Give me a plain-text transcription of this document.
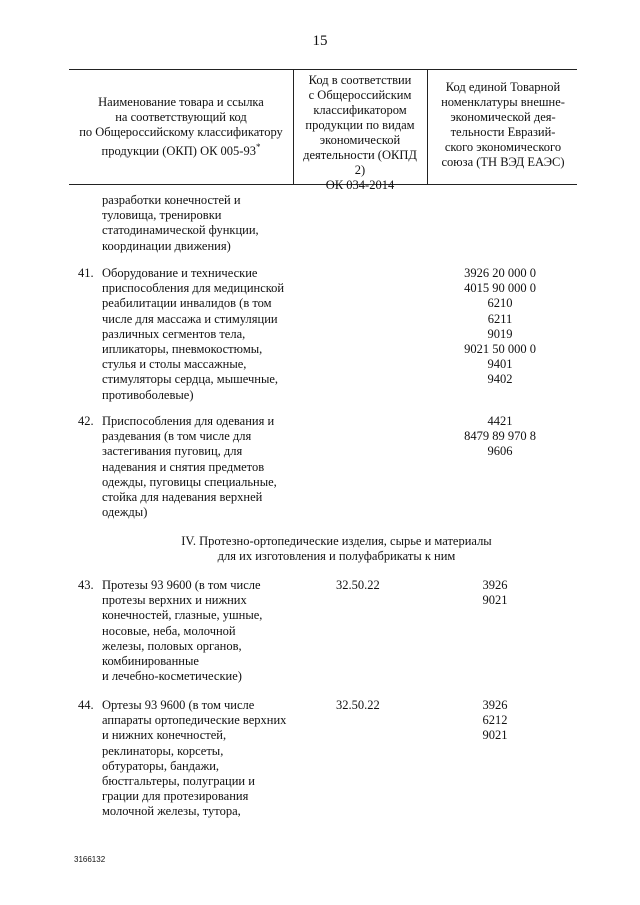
15
Наименование товара и ссылка
на соответствующий код
по Общероссийскому классификатору
продукции (ОКП) ОК 005-93*
Код в соответствии
с Общероссийским
классификатором
продукции по видам
экономической
деятельности (ОКПД 2)
ОК 034-2014
Код единой Товарной
номенклатуры внешне-
экономической дея-
тельности Евразий-
ского экономического
союза (ТН ВЭД ЕАЭС)
разработки конечностей и
туловища, тренировки
статодинамической функции,
координации движения)
41. Оборудование и технические
приспособления для медицинской
реабилитации инвалидов (в том
числе для массажа и стимуляции
различных сегментов тела,
ипликаторы, пневмокостюмы,
стулья и столы массажные,
стимуляторы сердца, мышечные,
противоболевые)
3926 20 000 0
4015 90 000 0
6210
6211
9019
9021 50 000 0
9401
9402
42. Приспособления для одевания и
раздевания (в том числе для
застегивания пуговиц, для
надевания и снятия предметов
одежды, пуговицы специальные,
стойка для надевания верхней
одежды)
4421
8479 89 970 8
9606
IV. Протезно-ортопедические изделия, сырье и материалы
для их изготовления и полуфабрикаты к ним
43. Протезы 93 9600 (в том числе
протезы верхних и нижних
конечностей, глазные, ушные,
носовые, неба, молочной
железы, половых органов,
комбинированные
и лечебно-косметические)
32.50.22	3926
9021
44. Ортезы 93 9600 (в том числе
аппараты ортопедические верхних
и нижних конечностей,
реклинаторы, корсеты,
обтураторы, бандажи,
бюстгальтеры, полуграции и
грации для протезирования
молочной железы, тутора,
32.50.22	3926
6212
9021
3166132
